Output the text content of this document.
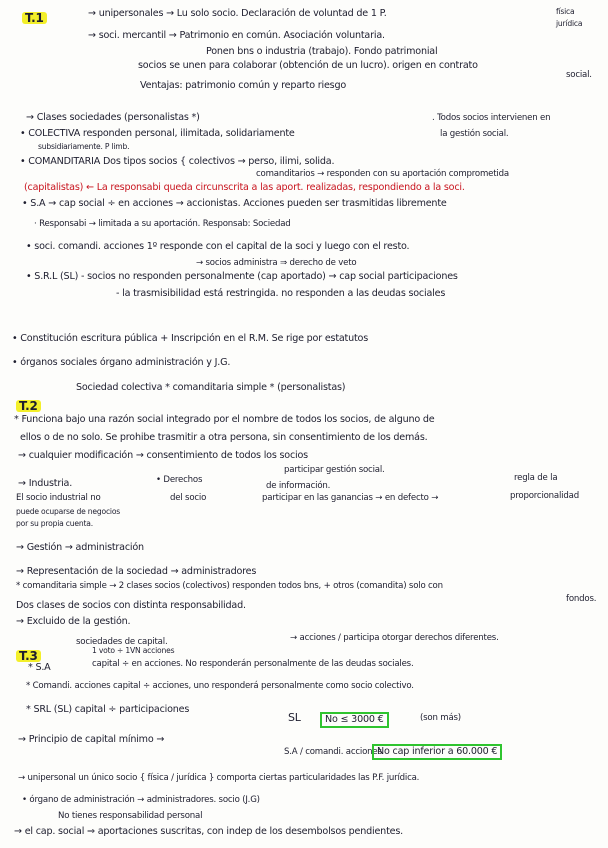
T.1	→ unipersonales → Lu solo socio. Declaración de voluntad de 1 P.	física
jurídica
→ soci. mercantil → Patrimonio en común. Asociación voluntaria.
Ponen bns o industria (trabajo). Fondo patrimonial
socios se unen para colaborar (obtención de un lucro). origen en contrato
social.
Ventajas: patrimonio común y reparto riesgo
→ Clases sociedades (personalistas *)	. Todos socios intervienen en
• COLECTIVA responden personal, ilimitada, solidariamente	la gestión social.
subsidiariamente. P limb.
• COMANDITARIA Dos tipos socios { colectivos → perso, ilimi, solida.
comanditarios → responden con su aportación comprometida
(capitalistas) ← La responsabi queda circunscrita a las aport. realizadas, respondiendo a la soci.
• S.A → cap social ÷ en acciones → accionistas. Acciones pueden ser trasmitidas libremente
· Responsabi → limitada a su aportación. Responsab: Sociedad
• soci. comandi. acciones 1º responde con el capital de la soci y luego con el resto.
→ socios administra ⇒ derecho de veto
• S.R.L (SL) - socios no responden personalmente (cap aportado) → cap social participaciones
- la trasmisibilidad está restringida. no responden a las deudas sociales
• Constitución escritura pública + Inscripción en el R.M. Se rige por estatutos
• órganos sociales órgano administración y J.G.
T.2
Sociedad colectiva * comanditaria simple * (personalistas)
* Funciona bajo una razón social integrado por el nombre de todos los socios, de alguno de
ellos o de no solo. Se prohibe trasmitir a otra persona, sin consentimiento de los demás.
→ cualquier modificación → consentimiento de todos los socios
participar gestión social.
→ Industria.	• Derechos
de información.
regla de la
El socio industrial no	del socio	participar en las ganancias → en defecto →	proporcionalidad
puede ocuparse de negocios
por su propia cuenta.
→ Gestión → administración
→ Representación de la sociedad → administradores
* comanditaria simple → 2 clases socios (colectivos) responden todos bns, + otros (comandita) solo con
fondos.
Dos clases de socios con distinta responsabilidad.
→ Excluido de la gestión.
→ acciones / participa otorgar derechos diferentes.
T.3
sociedades de capital.
1 voto ÷ 1VN acciones
* S.A	capital ÷ en acciones. No responderán personalmente de las deudas sociales.
* Comandi. acciones capital ÷ acciones, uno responderá personalmente como socio colectivo.
* SRL (SL) capital ÷ participaciones
SL	No ≤ 3000 €	(son más)
→ Principio de capital mínimo →
S.A / comandi. acciones
No cap inferior a 60.000 €
→ unipersonal un único socio { física / jurídica } comporta ciertas particularidades las P.F. jurídica.
• órgano de administración → administradores. socio (J.G)
No tienes responsabilidad personal
→ el cap. social ⇒ aportaciones suscritas, con indep de los desembolsos pendientes.
